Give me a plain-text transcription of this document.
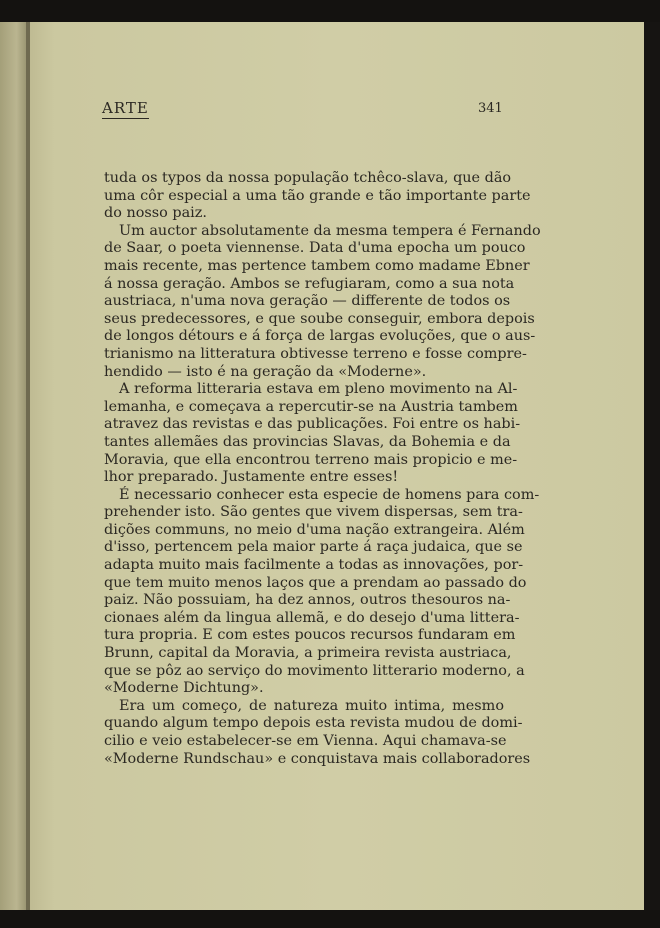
ARTE	341
tuda os typos da nossa população tchêco-slava, que dão
uma côr especial a uma tão grande e tão importante parte
do nosso paiz.
Um auctor absolutamente da mesma tempera é Fernando
de Saar, o poeta viennense. Data d'uma epocha um pouco
mais recente, mas pertence tambem como madame Ebner
á nossa geração. Ambos se refugiaram, como a sua nota
austriaca, n'uma nova geração — differente de todos os
seus predecessores, e que soube conseguir, embora depois
de longos détours e á força de largas evoluções, que o aus-
trianismo na litteratura obtivesse terreno e fosse compre-
hendido — isto é na geração da «Moderne».
A reforma litteraria estava em pleno movimento na Al-
lemanha, e começava a repercutir-se na Austria tambem
atravez das revistas e das publicações. Foi entre os habi-
tantes allemães das provincias Slavas, da Bohemia e da
Moravia, que ella encontrou terreno mais propicio e me-
lhor preparado. Justamente entre esses!
É necessario conhecer esta especie de homens para com-
prehender isto. São gentes que vivem dispersas, sem tra-
dições communs, no meio d'uma nação extrangeira. Além
d'isso, pertencem pela maior parte á raça judaica, que se
adapta muito mais facilmente a todas as innovações, por-
que tem muito menos laços que a prendam ao passado do
paiz. Não possuiam, ha dez annos, outros thesouros na-
cionaes além da lingua allemã, e do desejo d'uma littera-
tura propria. E com estes poucos recursos fundaram em
Brunn, capital da Moravia, a primeira revista austriaca,
que se pôz ao serviço do movimento litterario moderno, a
«Moderne Dichtung».
Era um começo, de natureza muito intima, mesmo
quando algum tempo depois esta revista mudou de domi-
cilio e veio estabelecer-se em Vienna. Aqui chamava-se
«Moderne Rundschau» e conquistava mais collaboradores
